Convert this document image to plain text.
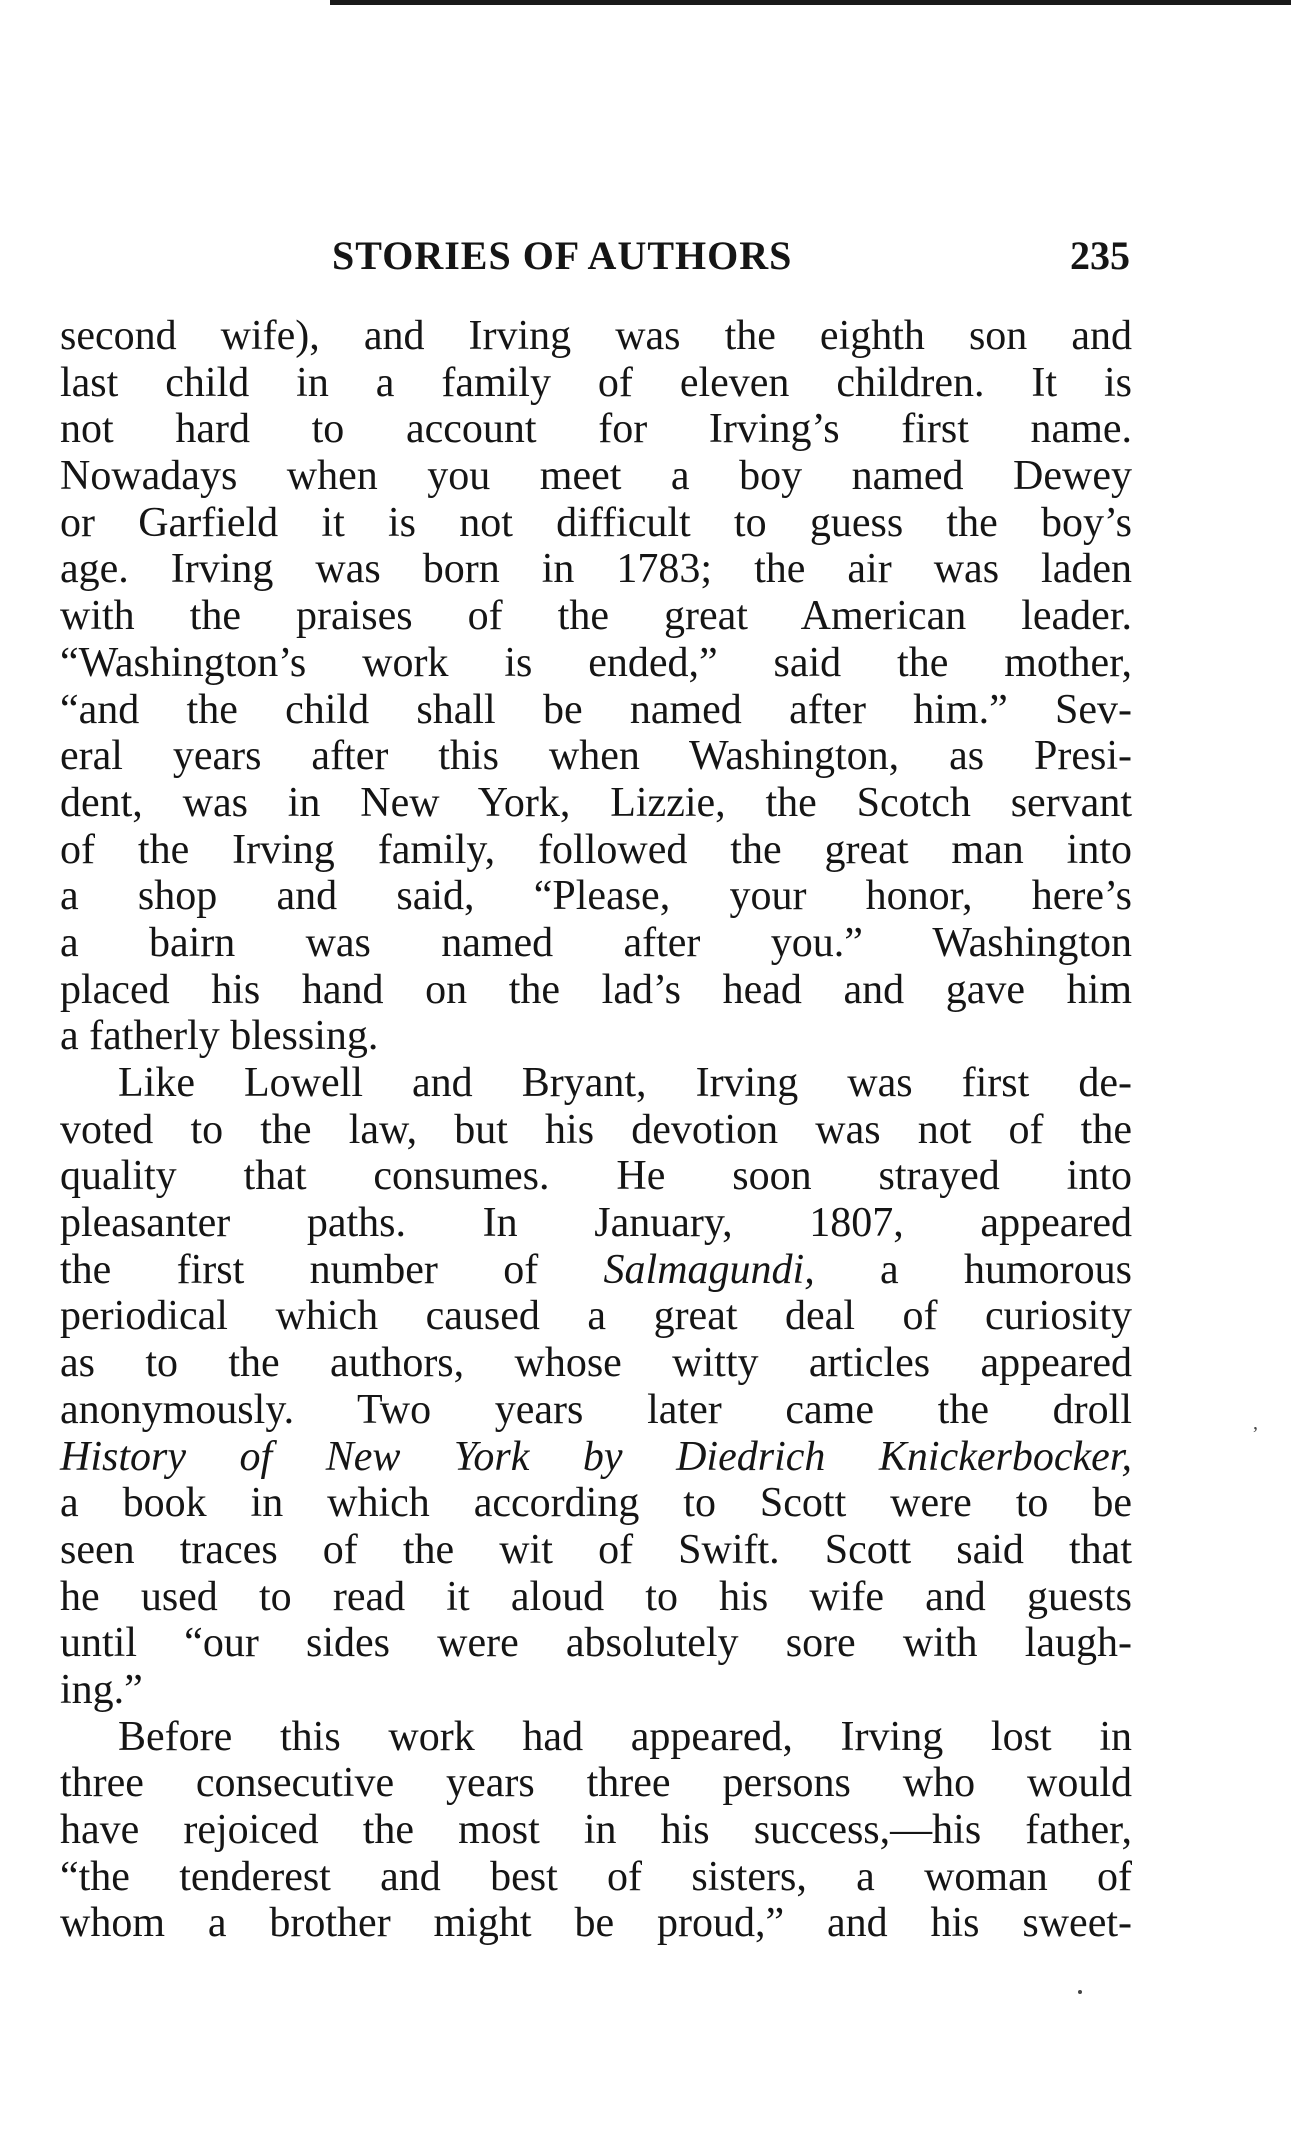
STORIES OF AUTHORS	235
second wife), and Irving was the eighth son and
last child in a family of eleven children. It is
not hard to account for Irving’s first name.
Nowadays when you meet a boy named Dewey
or Garfield it is not difficult to guess the boy’s
age. Irving was born in 1783; the air was laden
with the praises of the great American leader.
“Washington’s work is ended,” said the mother,
“and the child shall be named after him.” Sev-
eral years after this when Washington, as Presi-
dent, was in New York, Lizzie, the Scotch servant
of the Irving family, followed the great man into
a shop and said, “Please, your honor, here’s
a bairn was named after you.” Washington
placed his hand on the lad’s head and gave him
a fatherly blessing.
Like Lowell and Bryant, Irving was first de-
voted to the law, but his devotion was not of the
quality that consumes. He soon strayed into
pleasanter paths. In January, 1807, appeared
the first number of Salmagundi, a humorous
periodical which caused a great deal of curiosity
as to the authors, whose witty articles appeared
anonymously. Two years later came the droll
History of New York by Diedrich Knickerbocker,
a book in which according to Scott were to be
seen traces of the wit of Swift. Scott said that
he used to read it aloud to his wife and guests
until “our sides were absolutely sore with laugh-
ing.”
Before this work had appeared, Irving lost in
three consecutive years three persons who would
have rejoiced the most in his success,—his father,
“the tenderest and best of sisters, a woman of
whom a brother might be proud,” and his sweet-
‚
